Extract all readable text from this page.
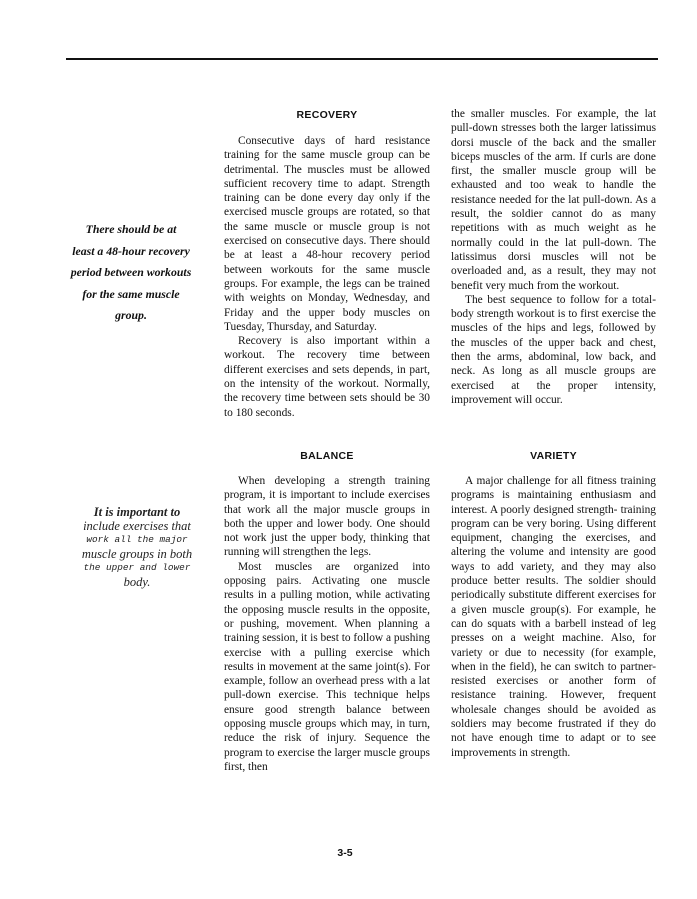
There should be at
least a 48-hour recovery
period between workouts
for the same muscle
group.
It is important to
include exercises that
work all the major
muscle groups in both
the upper and lower
body.
RECOVERY

Consecutive days of hard resistance training for the same muscle group can be detrimental. The muscles must be allowed sufficient recovery time to adapt. Strength training can be done every day only if the exercised muscle groups are rotated, so that the same muscle or muscle group is not exercised on consecutive days. There should be at least a 48-hour recovery period between workouts for the same muscle groups. For example, the legs can be trained with weights on Monday, Wednesday, and Friday and the upper body muscles on Tuesday, Thursday, and Saturday.

Recovery is also important within a workout. The recovery time between different exercises and sets depends, in part, on the intensity of the workout. Normally, the recovery time between sets should be 30 to 180 seconds.

the smaller muscles. For example, the lat pull-down stresses both the larger latissimus dorsi muscle of the back and the smaller biceps muscles of the arm. If curls are done first, the smaller muscle group will be exhausted and too weak to handle the resistance needed for the lat pull-down. As a result, the soldier cannot do as many repetitions with as much weight as he normally could in the lat pull-down. The latissimus dorsi muscles will not be overloaded and, as a result, they may not benefit very much from the workout.

The best sequence to follow for a total-body strength workout is to first exercise the muscles of the hips and legs, followed by the muscles of the upper back and chest, then the arms, abdominal, low back, and neck. As long as all muscle groups are exercised at the proper intensity, improvement will occur.

BALANCE

When developing a strength training program, it is important to include exercises that work all the major muscle groups in both the upper and lower body. One should not work just the upper body, thinking that running will strengthen the legs.

Most muscles are organized into opposing pairs. Activating one muscle results in a pulling motion, while activating the opposing muscle results in the opposite, or pushing, movement. When planning a training session, it is best to follow a pushing exercise with a pulling exercise which results in movement at the same joint(s). For example, follow an overhead press with a lat pull-down exercise. This technique helps ensure good strength balance between opposing muscle groups which may, in turn, reduce the risk of injury. Sequence the program to exercise the larger muscle groups first, then

VARIETY

A major challenge for all fitness training programs is maintaining enthusiasm and interest. A poorly designed strength- training program can be very boring. Using different equipment, changing the exercises, and altering the volume and intensity are good ways to add variety, and they may also produce better results. The soldier should periodically substitute different exercises for a given muscle group(s). For example, he can do squats with a barbell instead of leg presses on a weight machine. Also, for variety or due to necessity (for example, when in the field), he can switch to partner-resisted exercises or another form of resistance training. However, frequent wholesale changes should be avoided as soldiers may become frustrated if they do not have enough time to adapt or to see improvements in strength.

3-5
